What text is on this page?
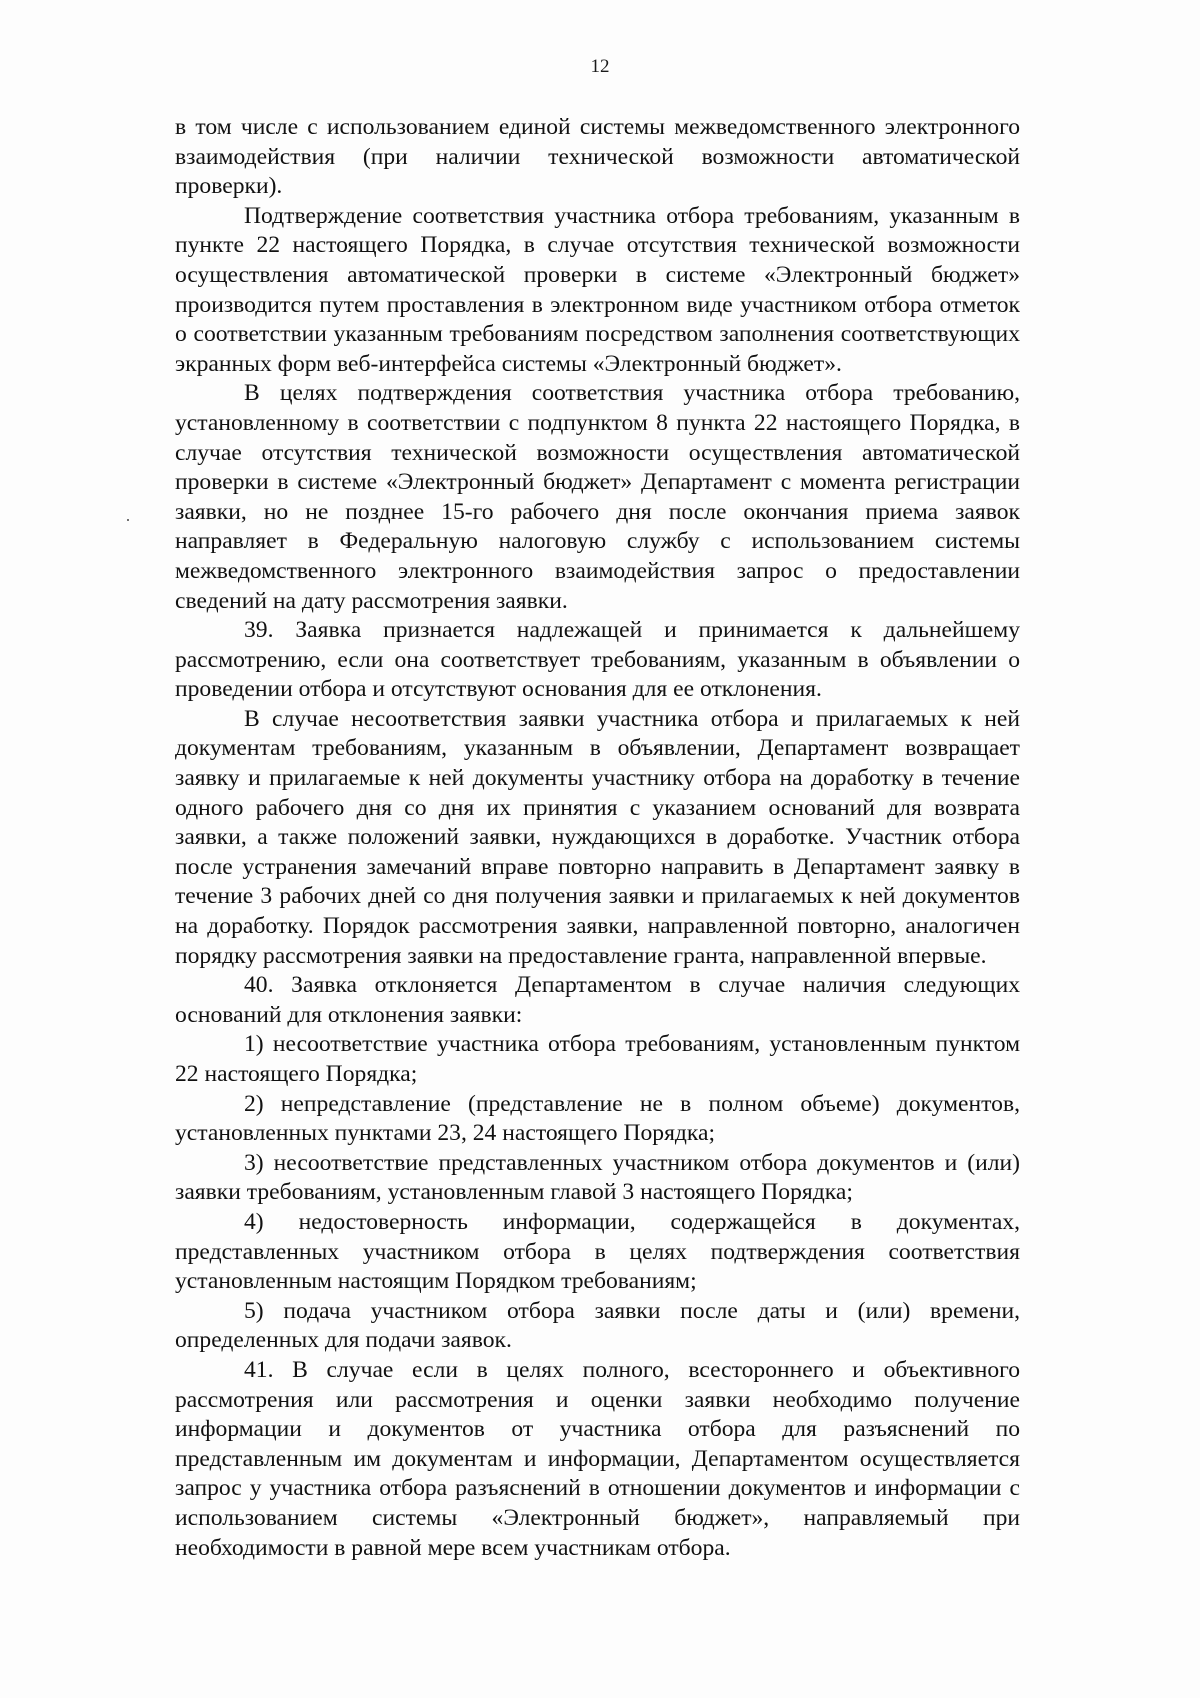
12

в том числе с использованием единой системы межведомственного электронного взаимодействия (при наличии технической возможности автоматической проверки).

Подтверждение соответствия участника отбора требованиям, указанным в пункте 22 настоящего Порядка, в случае отсутствия технической возможности осуществления автоматической проверки в системе «Электронный бюджет» производится путем проставления в электронном виде участником отбора отметок о соответствии указанным требованиям посредством заполнения соответствующих экранных форм веб-интерфейса системы «Электронный бюджет».

В целях подтверждения соответствия участника отбора требованию, установленному в соответствии с подпунктом 8 пункта 22 настоящего Порядка, в случае отсутствия технической возможности осуществления автоматической проверки в системе «Электронный бюджет» Департамент с момента регистрации заявки, но не позднее 15-го рабочего дня после окончания приема заявок направляет в Федеральную налоговую службу с использованием системы межведомственного электронного взаимодействия запрос о предоставлении сведений на дату рассмотрения заявки.

39. Заявка признается надлежащей и принимается к дальнейшему рассмотрению, если она соответствует требованиям, указанным в объявлении о проведении отбора и отсутствуют основания для ее отклонения.

В случае несоответствия заявки участника отбора и прилагаемых к ней документам требованиям, указанным в объявлении, Департамент возвращает заявку и прилагаемые к ней документы участнику отбора на доработку в течение одного рабочего дня со дня их принятия с указанием оснований для возврата заявки, а также положений заявки, нуждающихся в доработке. Участник отбора после устранения замечаний вправе повторно направить в Департамент заявку в течение 3 рабочих дней со дня получения заявки и прилагаемых к ней документов на доработку. Порядок рассмотрения заявки, направленной повторно, аналогичен порядку рассмотрения заявки на предоставление гранта, направленной впервые.

40. Заявка отклоняется Департаментом в случае наличия следующих оснований для отклонения заявки:

1) несоответствие участника отбора требованиям, установленным пунктом 22 настоящего Порядка;

2) непредставление (представление не в полном объеме) документов, установленных пунктами 23, 24 настоящего Порядка;

3) несоответствие представленных участником отбора документов и (или) заявки требованиям, установленным главой 3 настоящего Порядка;

4) недостоверность информации, содержащейся в документах, представленных участником отбора в целях подтверждения соответствия установленным настоящим Порядком требованиям;

5) подача участником отбора заявки после даты и (или) времени, определенных для подачи заявок.

41. В случае если в целях полного, всестороннего и объективного рассмотрения или рассмотрения и оценки заявки необходимо получение информации и документов от участника отбора для разъяснений по представленным им документам и информации, Департаментом осуществляется запрос у участника отбора разъяснений в отношении документов и информации с использованием системы «Электронный бюджет», направляемый при необходимости в равной мере всем участникам отбора.
